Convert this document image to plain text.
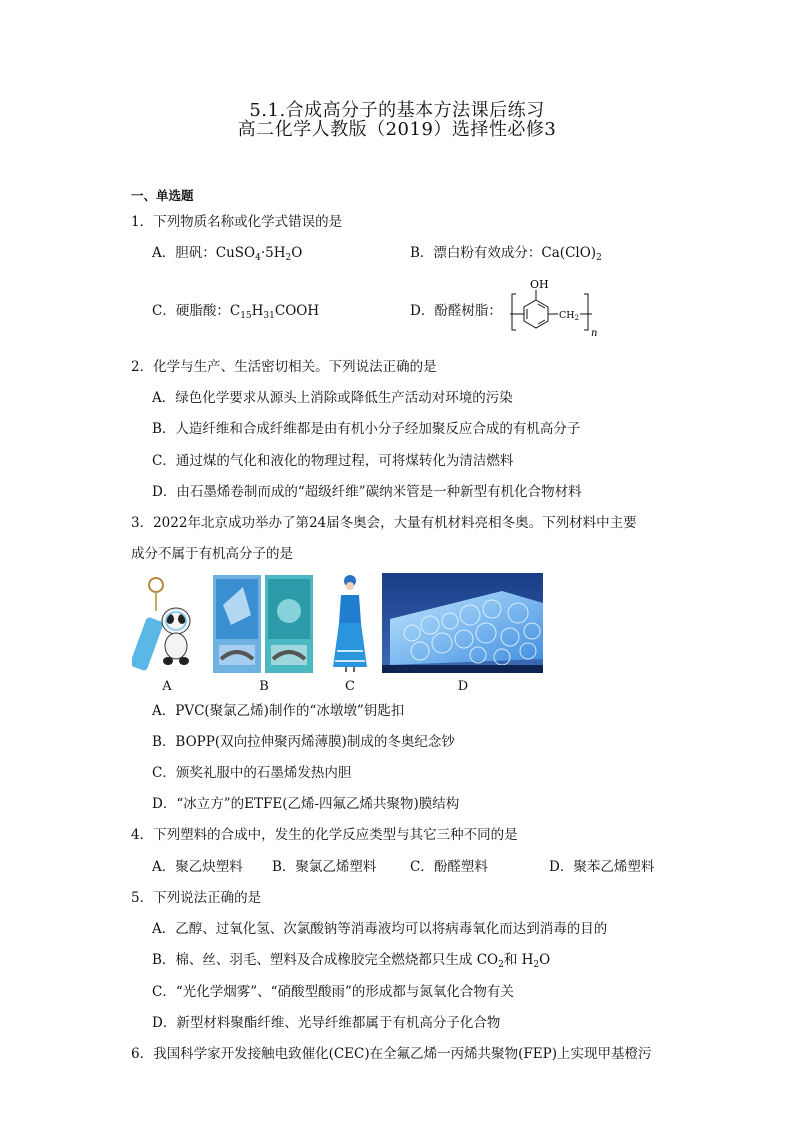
5.1.合成高分子的基本方法课后练习
高二化学人教版（2019）选择性必修3
一、单选题
1．下列物质名称或化学式错误的是
A．胆矾：$CuSO_4\cdot 5H_2O$	B．漂白粉有效成分：$Ca(ClO)_2$
C．硬脂酸：$C_{15}H_{31}COOH$	D．酚醛树脂：
OH
$CH_2$
n
2．化学与生产、生活密切相关。下列说法正确的是
A．绿色化学要求从源头上消除或降低生产活动对环境的污染
B．人造纤维和合成纤维都是由有机小分子经加聚反应合成的有机高分子
C．通过煤的气化和液化的物理过程，可将煤转化为清洁燃料
D．由石墨烯卷制而成的“超级纤维”碳纳米管是一种新型有机化合物材料
3．2022年北京成功举办了第24届冬奥会，大量有机材料亮相冬奥。下列材料中主要
成分不属于有机高分子的是
A	B	C	D
A．PVC(聚氯乙烯)制作的“冰墩墩”钥匙扣
B．BOPP(双向拉伸聚丙烯薄膜)制成的冬奥纪念钞
C．颁奖礼服中的石墨烯发热内胆
D．“冰立方”的ETFE(乙烯-四氟乙烯共聚物)膜结构
4．下列塑料的合成中，发生的化学反应类型与其它三种不同的是
A．聚乙炔塑料 B．聚氯乙烯塑料 C．酚醛塑料	D．聚苯乙烯塑料
5．下列说法正确的是
A．乙醇、过氧化氢、次氯酸钠等消毒液均可以将病毒氧化而达到消毒的目的
B．棉、丝、羽毛、塑料及合成橡胶完全燃烧都只生成 $CO_2$和 $H_2O$
C．“光化学烟雾”、“硝酸型酸雨”的形成都与氮氧化合物有关
D．新型材料聚酯纤维、光导纤维都属于有机高分子化合物
6．我国科学家开发接触电致催化(CEC)在全氟乙烯一丙烯共聚物(FEP)上实现甲基橙污
